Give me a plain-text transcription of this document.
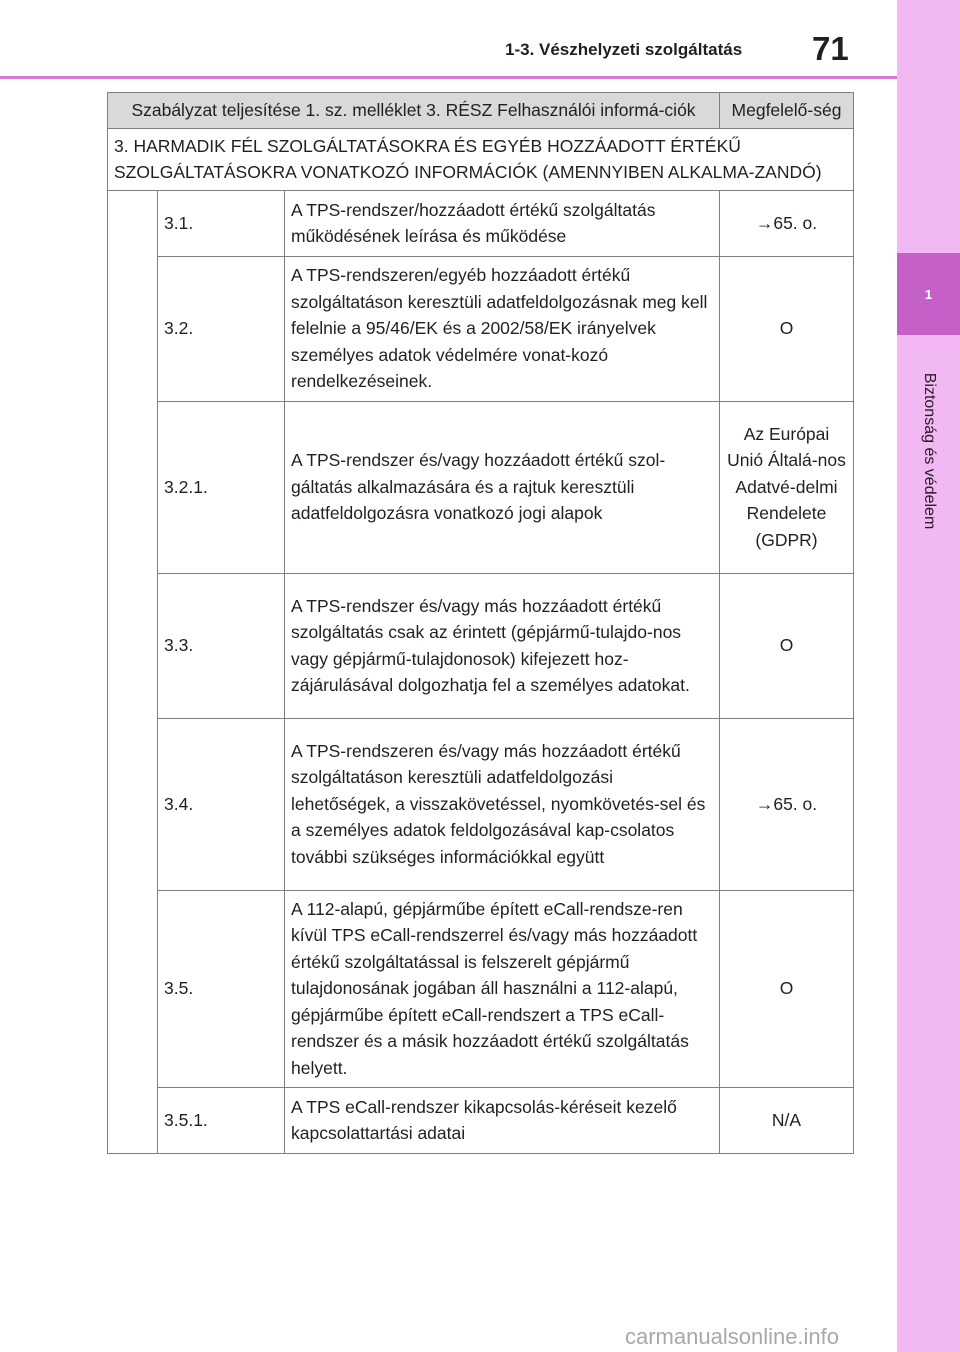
1-3. Vészhelyzeti szolgáltatás 71
1
Biztonság és védelem
Szabályzat teljesítése 1. sz. melléklet 3. RÉSZ Felhasználói informá-ciók			Megfelelő-ség
3. HARMADIK FÉL SZOLGÁLTATÁSOKRA ÉS EGYÉB HOZZÁADOTT ÉRTÉKŰ SZOLGÁLTATÁSOKRA VONATKOZÓ INFORMÁCIÓK (AMENNYIBEN ALKALMA-ZANDÓ)			
	3.1.	A TPS-rendszer/hozzáadott értékű szolgáltatás működésének leírása és működése	→65. o.
	3.2.	A TPS-rendszeren/egyéb hozzáadott értékű szolgáltatáson keresztüli adatfeldolgozásnak meg kell felelnie a 95/46/EK és a 2002/58/EK irányelvek személyes adatok védelmére vonat-kozó rendelkezéseinek.	O
	3.2.1.	A TPS-rendszer és/vagy hozzáadott értékű szol-gáltatás alkalmazására és a rajtuk keresztüli adatfeldolgozásra vonatkozó jogi alapok	Az Európai Unió Általá-nos Adatvé-delmi Rendelete (GDPR)
	3.3.	A TPS-rendszer és/vagy más hozzáadott értékű szolgáltatás csak az érintett (gépjármű-tulajdo-nos vagy gépjármű-tulajdonosok) kifejezett hoz-zájárulásával dolgozhatja fel a személyes adatokat.	O
	3.4.	A TPS-rendszeren és/vagy más hozzáadott értékű szolgáltatáson keresztüli adatfeldolgozási lehetőségek, a visszakövetéssel, nyomkövetés-sel és a személyes adatok feldolgozásával kap-csolatos további szükséges információkkal együtt	→65. o.
	3.5.	A 112-alapú, gépjárműbe épített eCall-rendsze-ren kívül TPS eCall-rendszerrel és/vagy más hozzáadott értékű szolgáltatással is felszerelt gépjármű tulajdonosának jogában áll használni a 112-alapú, gépjárműbe épített eCall-rendszert a TPS eCall-rendszer és a másik hozzáadott értékű szolgáltatás helyett.	O
	3.5.1.	A TPS eCall-rendszer kikapcsolás-kéréseit kezelő kapcsolattartási adatai	N/A

carmanualsonline.info
